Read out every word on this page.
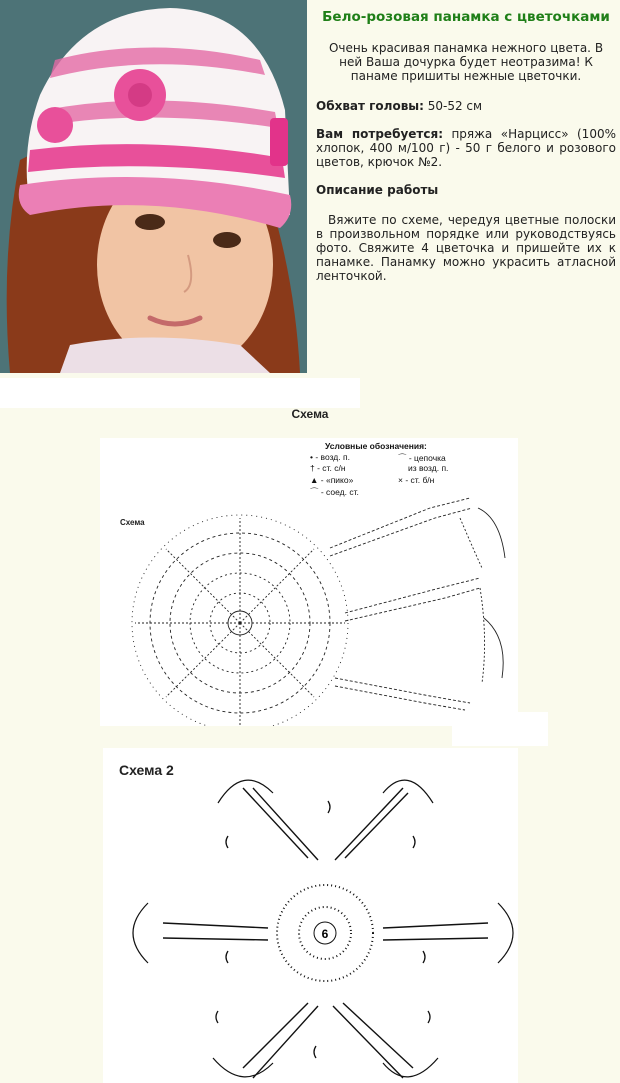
Бело-розовая панамка с цветочками
Очень красивая панамка нежного цвета. В ней Ваша дочурка будет неотразима! К панаме пришиты нежные цветочки.
Обхват головы: 50-52 см
Вам потребуется: пряжа «Нарцисс» (100% хлопок, 400 м/100 г) - 50 г белого и розового цветов, крючок №2.
Описание работы
Вяжите по схеме, чередуя цветные полоски в произвольном порядке или руководствуясь фото. Свяжите 4 цветочка и пришейте их к панамке. Панамку можно украсить атласной ленточкой.
Схема
Условные обозначения:
• - возд. п.
† - ст. с/н
▲ - «пико»
⌒ - соед. ст.
⌒ - цепочка
из возд. п.
× - ст. б/н
Схема
Схема 2
6
